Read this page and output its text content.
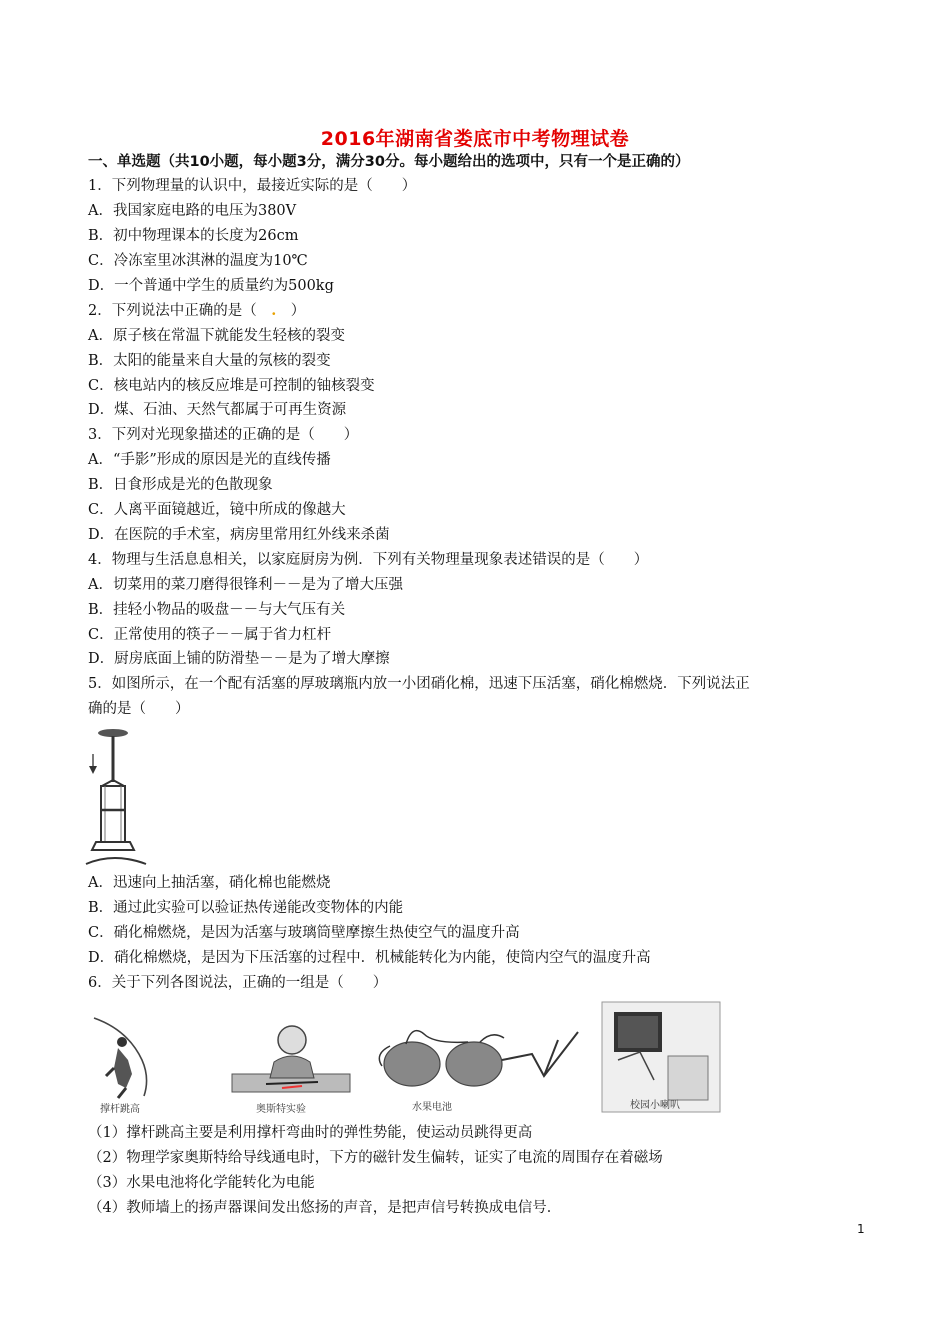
2016年湖南省娄底市中考物理试卷
一、单选题（共10小题，每小题3分，满分30分。每小题给出的选项中，只有一个是正确的）
1．下列物理量的认识中，最接近实际的是（　　）
A．我国家庭电路的电压为380V
B．初中物理课本的长度为26cm
C．冷冻室里冰淇淋的温度为10℃
D．一个普通中学生的质量约为500kg
2．下列说法中正确的是（　.　）
A．原子核在常温下就能发生轻核的裂变
B．太阳的能量来自大量的氖核的裂变
C．核电站内的核反应堆是可控制的铀核裂变
D．煤、石油、天然气都属于可再生资源
3．下列对光现象描述的正确的是（　　）
A．“手影”形成的原因是光的直线传播
B．日食形成是光的色散现象
C．人离平面镜越近，镜中所成的像越大
D．在医院的手术室，病房里常用红外线来杀菌
4．物理与生活息息相关，以家庭厨房为例．下列有关物理量现象表述错误的是（　　）
A．切菜用的菜刀磨得很锋利－－是为了增大压强
B．挂轻小物品的吸盘－－与大气压有关
C．正常使用的筷子－－属于省力杠杆
D．厨房底面上铺的防滑垫－－是为了增大摩擦
5．如图所示，在一个配有活塞的厚玻璃瓶内放一小团硝化棉，迅速下压活塞，硝化棉燃烧．下列说法正
确的是（　　）
A．迅速向上抽活塞，硝化棉也能燃烧
B．通过此实验可以验证热传递能改变物体的内能
C．硝化棉燃烧，是因为活塞与玻璃筒壁摩擦生热使空气的温度升高
D．硝化棉燃烧，是因为下压活塞的过程中．机械能转化为内能，使筒内空气的温度升高
6．关于下列各图说法，正确的一组是（　　）
撑杆跳高	奥斯特实验	水果电池	校园小喇叭
（1）撑杆跳高主要是利用撑杆弯曲时的弹性势能，使运动员跳得更高
（2）物理学家奥斯特给导线通电时，下方的磁针发生偏转，证实了电流的周围存在着磁场
（3）水果电池将化学能转化为电能
（4）教师墙上的扬声器课间发出悠扬的声音，是把声信号转换成电信号．
1
